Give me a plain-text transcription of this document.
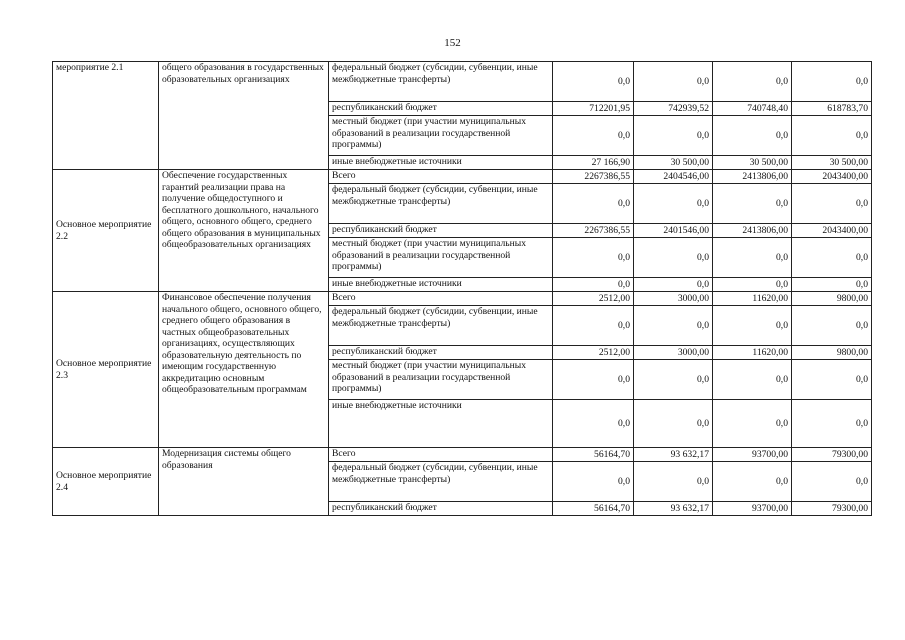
152
мероприятие 2.1	общего образования в государственных образовательных организациях	федеральный бюджет (субсидии, субвенции, иные межбюджетные трансферты)	0,0	0,0	0,0	0,0
		республиканский бюджет	712201,95	742939,52	740748,40	618783,70
		местный бюджет (при участии муниципальных образований в реализации государственной программы)	0,0	0,0	0,0	0,0
		иные внебюджетные источники	27 166,90	30 500,00	30 500,00	30 500,00
Основное мероприятие 2.2	Обеспечение государственных гарантий реализации права на получение общедоступного и бесплатного дошкольного, начального общего, основного общего, среднего общего образования в муниципальных общеобразовательных организациях	Всего	2267386,55	2404546,00	2413806,00	2043400,00
		федеральный бюджет (субсидии, субвенции, иные межбюджетные трансферты)	0,0	0,0	0,0	0,0
		республиканский бюджет	2267386,55	2401546,00	2413806,00	2043400,00
		местный бюджет (при участии муниципальных образований в реализации государственной программы)	0,0	0,0	0,0	0,0
		иные внебюджетные источники	0,0	0,0	0,0	0,0
Основное мероприятие 2.3	Финансовое обеспечение получения начального общего, основного общего, среднего общего образования в частных общеобразовательных организациях, осуществляющих образовательную деятельность по имеющим государственную аккредитацию основным общеобразовательным программам	Всего	2512,00	3000,00	11620,00	9800,00
		федеральный бюджет (субсидии, субвенции, иные межбюджетные трансферты)	0,0	0,0	0,0	0,0
		республиканский бюджет	2512,00	3000,00	11620,00	9800,00
		местный бюджет (при участии муниципальных образований в реализации государственной программы)	0,0	0,0	0,0	0,0
		иные внебюджетные источники	0,0	0,0	0,0	0,0
Основное мероприятие 2.4	Модернизация системы общего образования	Всего	56164,70	93 632,17	93700,00	79300,00
		федеральный бюджет (субсидии, субвенции, иные межбюджетные трансферты)	0,0	0,0	0,0	0,0
		республиканский бюджет	56164,70	93 632,17	93700,00	79300,00
